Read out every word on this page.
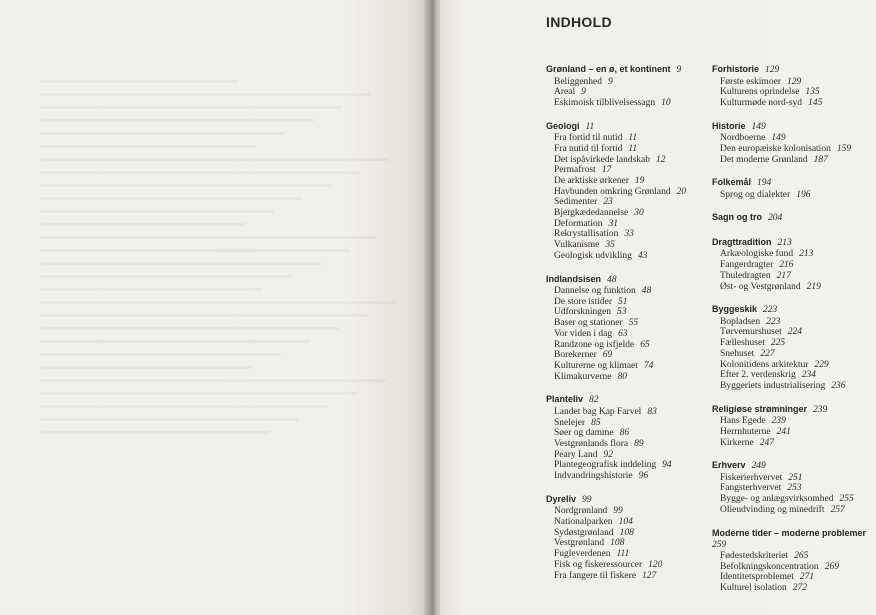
INDHOLD
Grønland – en ø, et kontinent 9
Beliggenhed 9
Areal 9
Eskimoisk tilblivelsessagn 10
Geologi 11
Fra fortid til nutid 11
Fra nutid til fortid 11
Det ispåvirkede landskab 12
Permafrost 17
De arktiske ørkener 19
Havbunden omkring Grønland 20
Sedimenter 23
Bjergkædedannelse 30
Deformation 31
Rekrystallisation 33
Vulkanisme 35
Geologisk udvikling 43
Indlandsisen 48
Dannelse og funktion 48
De store istider 51
Udforskningen 53
Baser og stationer 55
Vor viden i dag 63
Randzone og isfjelde 65
Borekerner 69
Kulturerne og klimaet 74
Klimakurverne 80
Planteliv 82
Landet bag Kap Farvel 83
Snelejer 85
Søer og damme 86
Vestgrønlands flora 89
Peary Land 92
Plantegeografisk inddeling 94
Indvandringshistorie 96
Dyreliv 99
Nordgrønland 99
Nationalparken 104
Sydøstgrønland 108
Vestgrønland 108
Fugleverdenen 111
Fisk og fiskeressourcer 120
Fra fangere til fiskere 127
Forhistorie 129
Første eskimoer 129
Kulturens oprindelse 135
Kulturmøde nord-syd 145
Historie 149
Nordboerne 149
Den europæiske kolonisation 159
Det moderne Grønland 187
Folkemål 194
Sprog og dialekter 196
Sagn og tro 204
Dragttradition 213
Arkæologiske fund 213
Fangerdragter 216
Thuledragten 217
Øst- og Vestgrønland 219
Byggeskik 223
Bopladsen 223
Tørvemurshuset 224
Fælleshuset 225
Snehuset 227
Kolonitidens arkitektur 229
Efter 2. verdenskrig 234
Byggeriets industrialisering 236
Religiøse strømninger 239
Hans Egede 239
Herrnhuterne 241
Kirkerne 247
Erhverv 249
Fiskerierhvervet 251
Fangsterhvervet 253
Bygge- og anlægsvirksomhed 255
Olieudvinding og minedrift 257
Moderne tider – moderne problemer
259
Fødestedskriteriet 265
Befolkningskoncentration 269
Identitetsproblemet 271
Kulturel isolation 272
